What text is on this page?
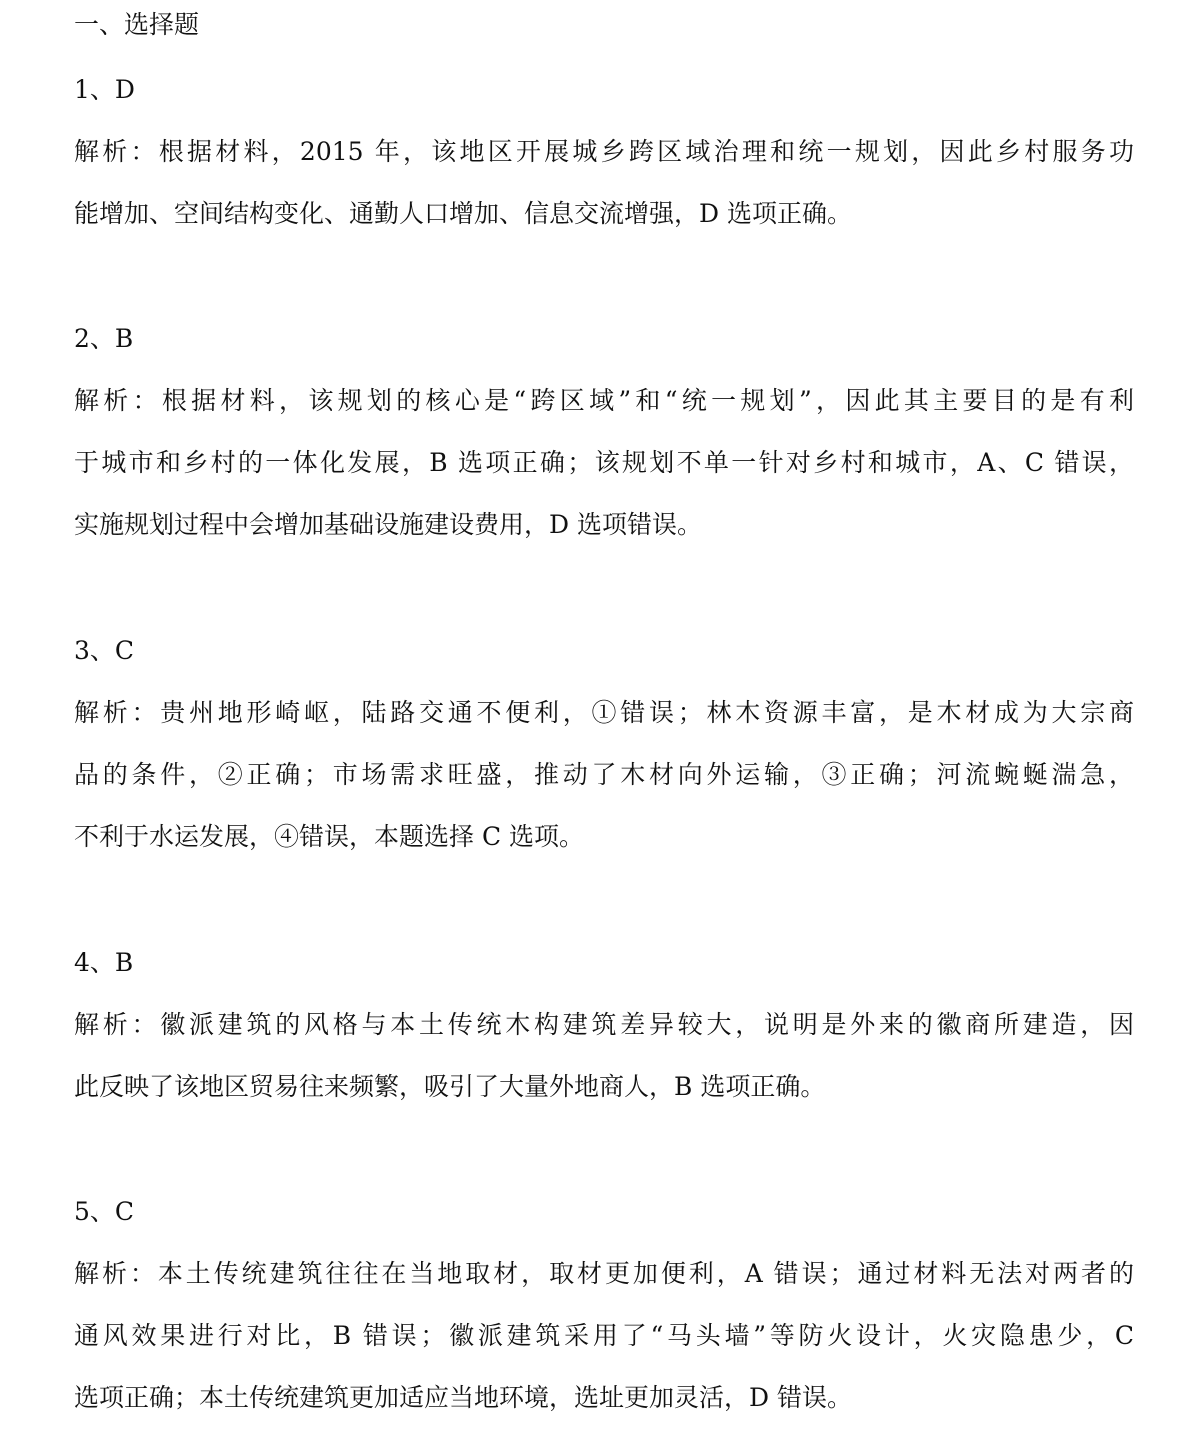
一、选择题
1、D
解析：根据材料，2015 年，该地区开展城乡跨区域治理和统一规划，因此乡村服务功
能增加、空间结构变化、通勤人口增加、信息交流增强，D 选项正确。
2、B
解析：根据材料，该规划的核心是“跨区域”和“统一规划”，因此其主要目的是有利
于城市和乡村的一体化发展，B 选项正确；该规划不单一针对乡村和城市，A、C 错误，
实施规划过程中会增加基础设施建设费用，D 选项错误。
3、C
解析：贵州地形崎岖，陆路交通不便利，①错误；林木资源丰富，是木材成为大宗商
品的条件，②正确；市场需求旺盛，推动了木材向外运输，③正确；河流蜿蜒湍急，
不利于水运发展，④错误，本题选择 C 选项。
4、B
解析：徽派建筑的风格与本土传统木构建筑差异较大，说明是外来的徽商所建造，因
此反映了该地区贸易往来频繁，吸引了大量外地商人，B 选项正确。
5、C
解析：本土传统建筑往往在当地取材，取材更加便利，A 错误；通过材料无法对两者的
通风效果进行对比，B 错误；徽派建筑采用了“马头墙”等防火设计，火灾隐患少，C
选项正确；本土传统建筑更加适应当地环境，选址更加灵活，D 错误。
